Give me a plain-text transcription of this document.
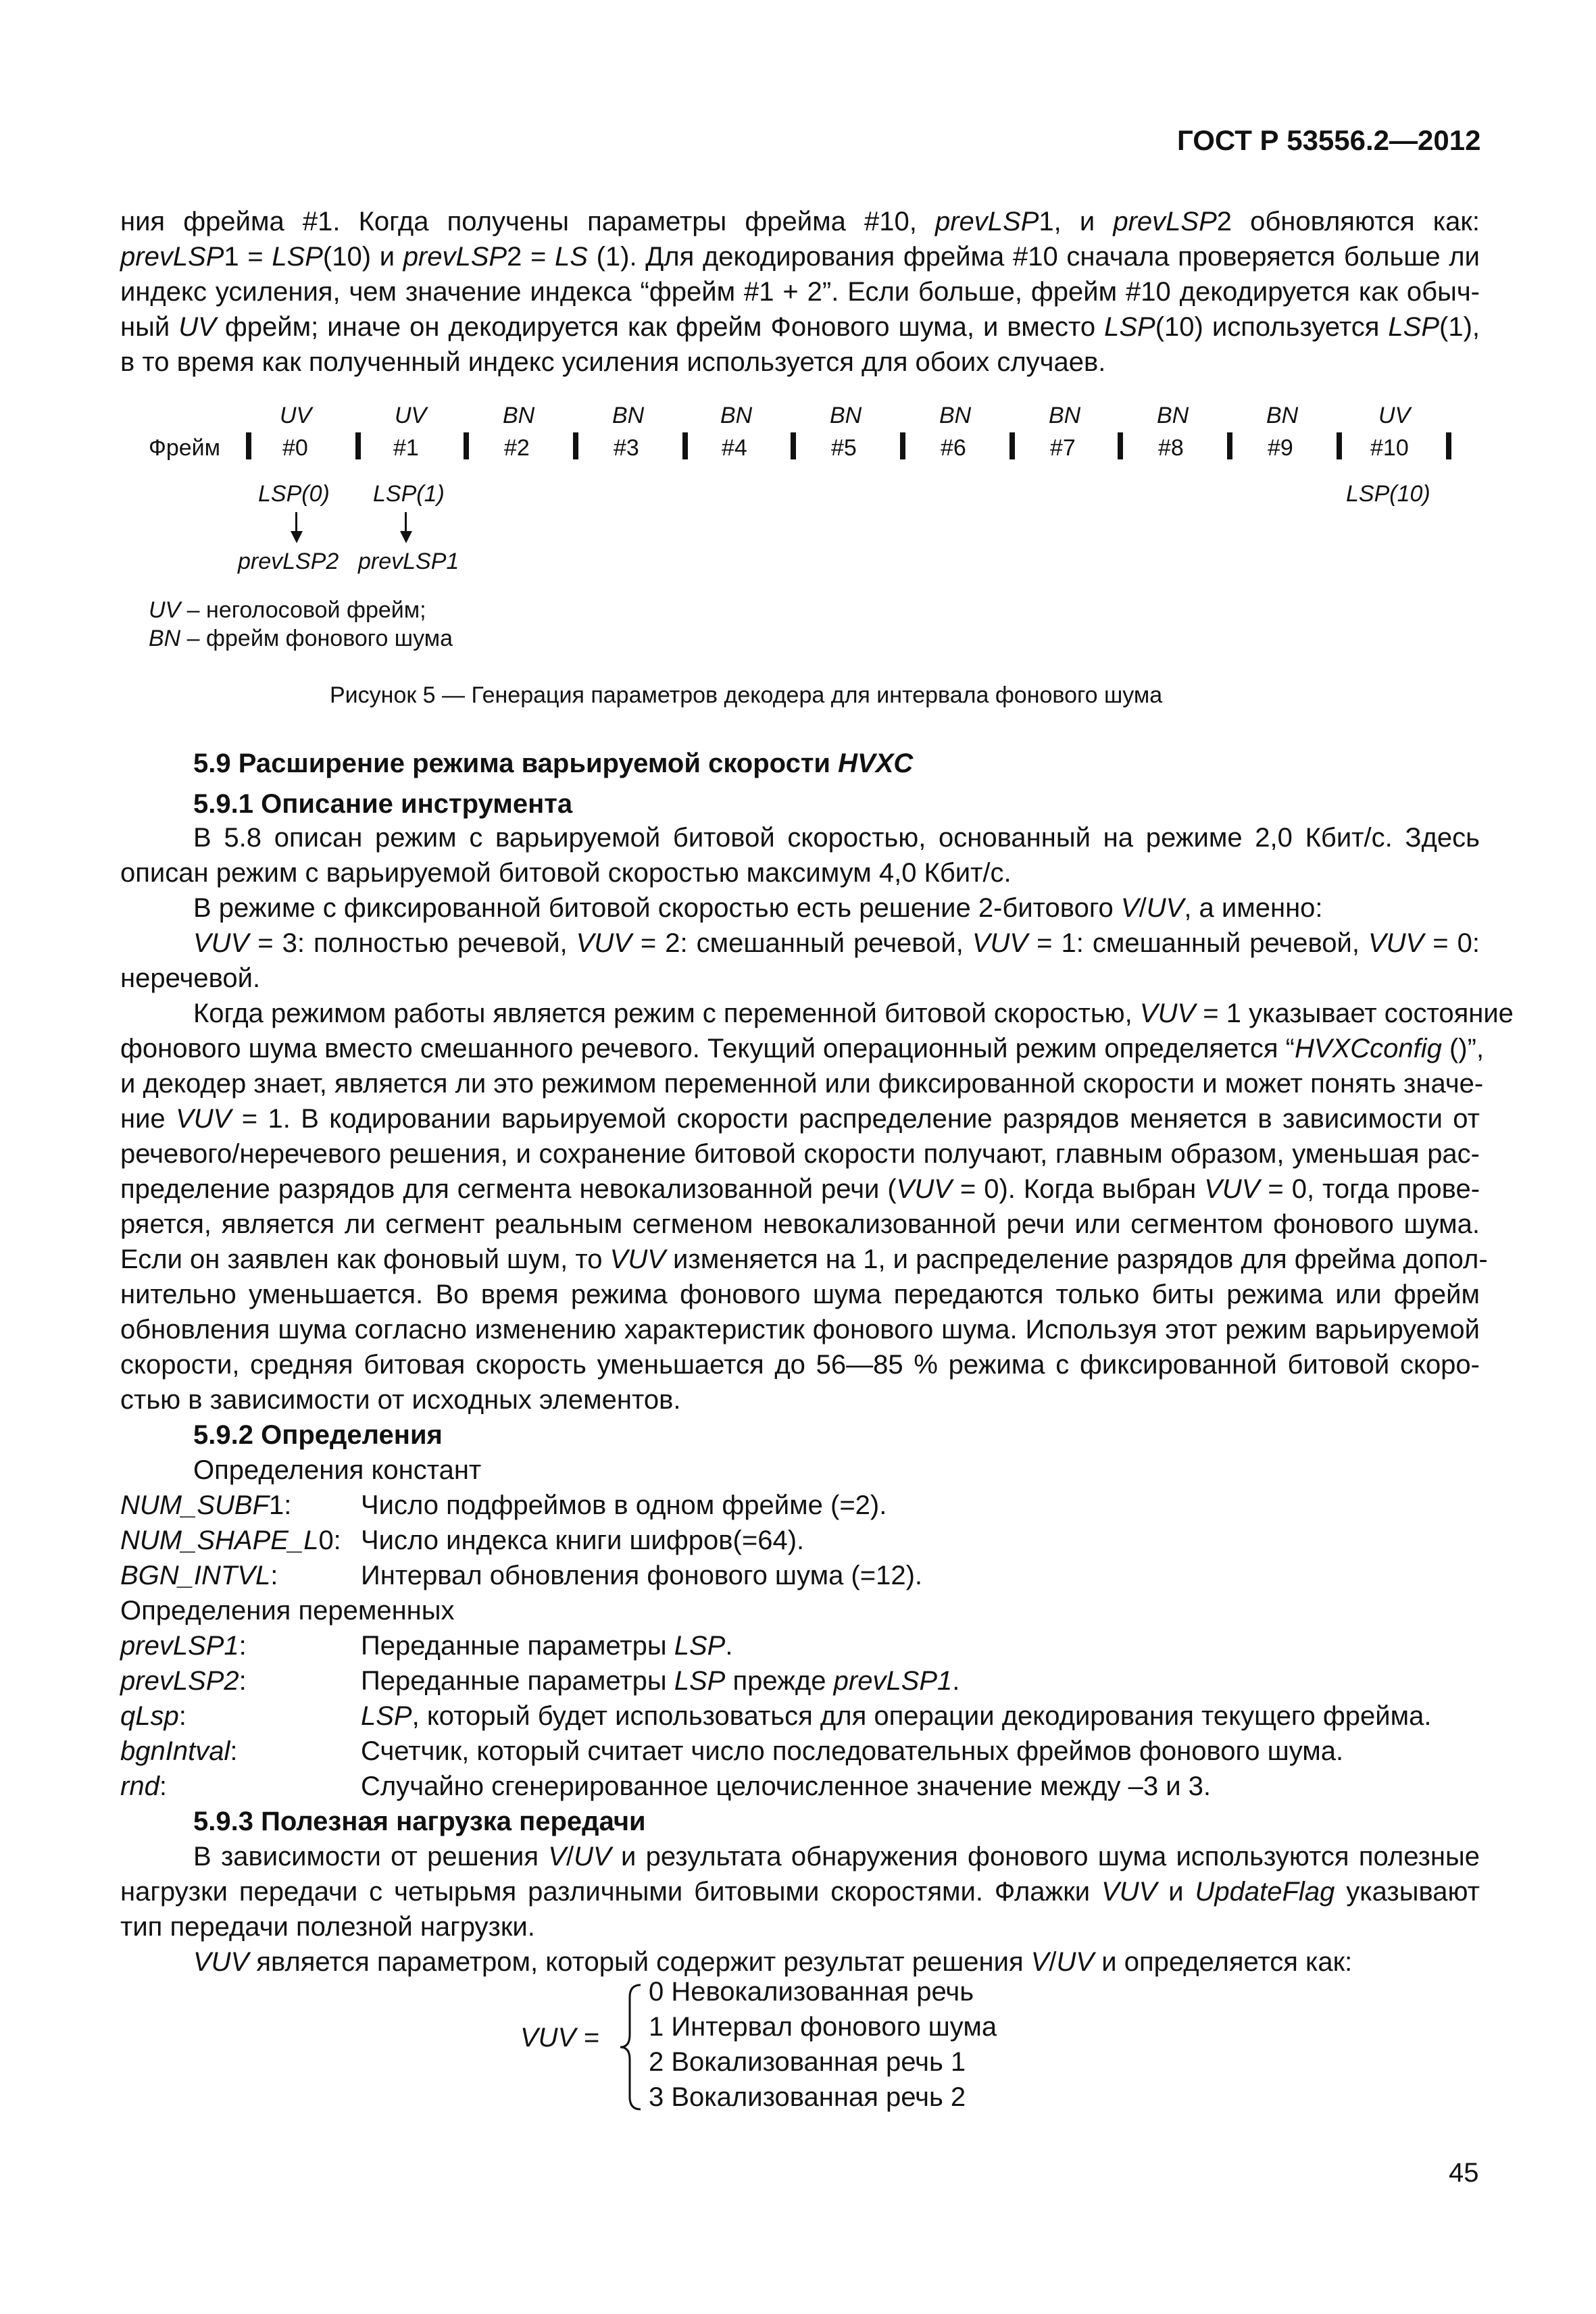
ГОСТ Р 53556.2—2012
ния фрейма #1. Когда получены параметры фрейма #10, prevLSP1, и prevLSP2 обновляются как:
prevLSP1 = LSP(10) и prevLSP2 = LS (1). Для декодирования фрейма #10 сначала проверяется больше ли
индекс усиления, чем значение индекса “фрейм #1 + 2”. Если больше, фрейм #10 декодируется как обыч-
ный UV фрейм; иначе он декодируется как фрейм Фонового шума, и вместо LSP(10) используется LSP(1),
в то время как полученный индекс усиления используется для обоих случаев.
UV	UV	BN	BN	BN	BN	BN	BN	BN	BN	UV
Фрейм	#0	#1	#2	#3	#4	#5	#6	#7	#8	#9	#10
LSP(0) LSP(1)	LSP(10)
prevLSP2 prevLSP1
UV – неголосовой фрейм;
BN – фрейм фонового шума
Рисунок 5 — Генерация параметров декодера для интервала фонового шума
5.9 Расширение режима варьируемой скорости HVXC
5.9.1 Описание инструмента
В 5.8 описан режим с варьируемой битовой скоростью, основанный на режиме 2,0 Кбит/с. Здесь
описан режим с варьируемой битовой скоростью максимум 4,0 Кбит/с.
В режиме с фиксированной битовой скоростью есть решение 2-битового V/UV, а именно:
VUV = 3: полностью речевой, VUV = 2: смешанный речевой, VUV = 1: смешанный речевой, VUV = 0:
неречевой.
Когда режимом работы является режим с переменной битовой скоростью, VUV = 1 указывает состояние
фонового шума вместо смешанного речевого. Текущий операционный режим определяется “HVXCconfig ()”,
и декодер знает, является ли это режимом переменной или фиксированной скорости и может понять значе-
ние VUV = 1. В кодировании варьируемой скорости распределение разрядов меняется в зависимости от
речевого/неречевого решения, и сохранение битовой скорости получают, главным образом, уменьшая рас-
пределение разрядов для сегмента невокализованной речи (VUV = 0). Когда выбран VUV = 0, тогда прове-
ряется, является ли сегмент реальным сегменом невокализованной речи или сегментом фонового шума.
Если он заявлен как фоновый шум, то VUV изменяется на 1, и распределение разрядов для фрейма допол-
нительно уменьшается. Во время режима фонового шума передаются только биты режима или фрейм
обновления шума согласно изменению характеристик фонового шума. Используя этот режим варьируемой
скорости, средняя битовая скорость уменьшается до 56—85 % режима с фиксированной битовой скоро-
стью в зависимости от исходных элементов.
5.9.2 Определения
Определения констант
NUM_SUBF1:	Число подфреймов в одном фрейме (=2).
NUM_SHAPE_L0: Число индекса книги шифров(=64).
BGN_INTVL:	Интервал обновления фонового шума (=12).
Определения переменных
prevLSP1:	Переданные параметры LSP.
prevLSP2:	Переданные параметры LSP прежде prevLSP1.
qLsp:	LSP, который будет использоваться для операции декодирования текущего фрейма.
bgnIntval:	Счетчик, который считает число последовательных фреймов фонового шума.
rnd:	Случайно сгенерированное целочисленное значение между –3 и 3.
5.9.3 Полезная нагрузка передачи
В зависимости от решения V/UV и результата обнаружения фонового шума используются полезные
нагрузки передачи с четырьмя различными битовыми скоростями. Флажки VUV и UpdateFlag указывают
тип передачи полезной нагрузки.
VUV является параметром, который содержит результат решения V/UV и определяется как:
VUV =
0 Невокализованная речь
1 Интервал фонового шума
2 Вокализованная речь 1
3 Вокализованная речь 2
45
